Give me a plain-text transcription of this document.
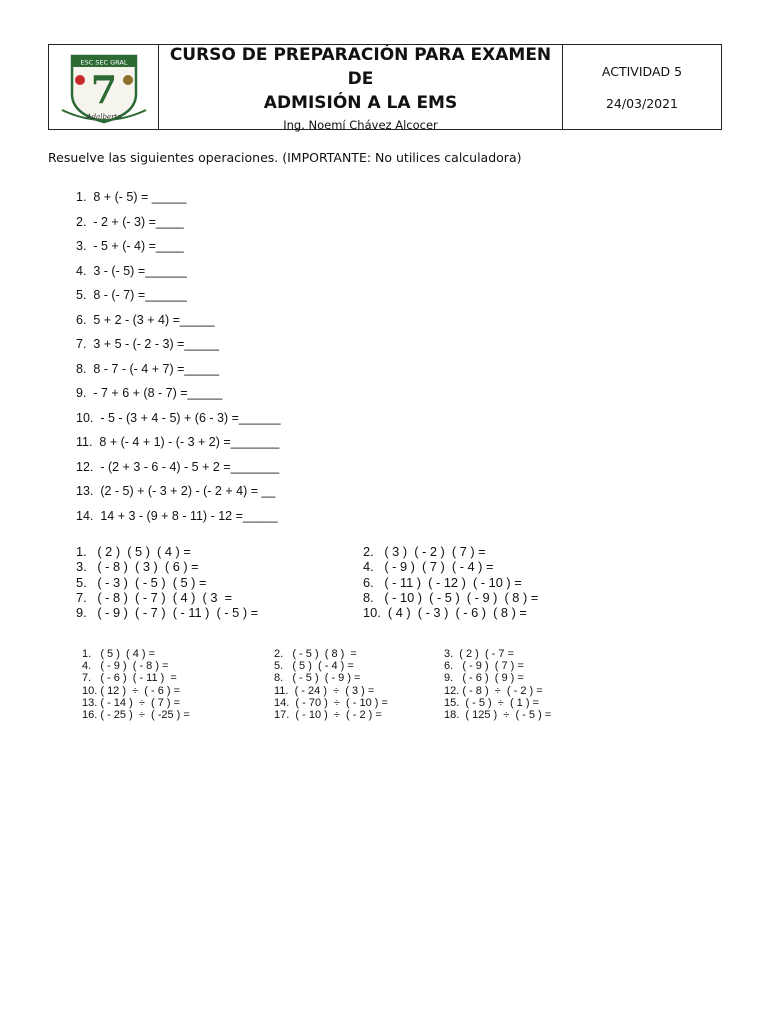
ESC SEC GRAL
7
Adalberto
CURSO DE PREPARACIÓN PARA EXAMEN DE
ADMISIÓN A LA EMS
Ing. Noemí Chávez Alcocer
ACTIVIDAD 5
24/03/2021
Resuelve las siguientes operaciones. (IMPORTANTE: No utilices calculadora)
1.  8 + (- 5) = _____
2.  - 2 + (- 3) =____
3.  - 5 + (- 4) =____
4.  3 - (- 5) =______
5.  8 - (- 7) =______
6.  5 + 2 - (3 + 4) =_____
7.  3 + 5 - (- 2 - 3) =_____
8.  8 - 7 - (- 4 + 7) =_____
9.  - 7 + 6 + (8 - 7) =_____
10.  - 5 - (3 + 4 - 5) + (6 - 3) =______
11.  8 + (- 4 + 1) - (- 3 + 2) =_______
12.  - (2 + 3 - 6 - 4) - 5 + 2 =_______
13.  (2 - 5) + (- 3 + 2) - (- 2 + 4) = __
14.  14 + 3 - (9 + 8 - 11) - 12 =_____
1.   ( 2 )  ( 5 )  ( 4 ) =	2.   ( 3 )  ( - 2 )  ( 7 ) =
3.   ( - 8 )  ( 3 )  ( 6 ) =	4.   ( - 9 )  ( 7 )  ( - 4 ) =
5.   ( - 3 )  ( - 5 )  ( 5 ) =	6.   ( - 11 )  ( - 12 )  ( - 10 ) =
7.   ( - 8 )  ( - 7 )  ( 4 )  ( 3  =	8.   ( - 10 )  ( - 5 )  ( - 9 )  ( 8 ) =
9.   ( - 9 )  ( - 7 )  ( - 11 )  ( - 5 ) =	10.  ( 4 )  ( - 3 )  ( - 6 )  ( 8 ) =
1.   ( 5 )  ( 4 ) =	2.   ( - 5 )  ( 8 )  =	3.  ( 2 )  ( - 7 =
4.   ( - 9 )  ( - 8 ) =	5.   ( 5 )  ( - 4 ) =	6.   ( - 9 )  ( 7 ) =
7.   ( - 6 )  ( - 11 )  =	8.   ( - 5 )  ( - 9 ) =	9.   ( - 6 )  ( 9 ) =
10. ( 12 )  ÷  ( - 6 ) =	11.  ( - 24 )  ÷  ( 3 ) =	12. ( - 8 )  ÷  ( - 2 ) =
13. ( - 14 )  ÷  ( 7 ) =	14.  ( - 70 )  ÷  ( - 10 ) =	15.  ( - 5 )  ÷  ( 1 ) =
16. ( - 25 )  ÷  ( -25 ) =	17.  ( - 10 )  ÷  ( - 2 ) =	18.  ( 125 )  ÷  ( - 5 ) =
